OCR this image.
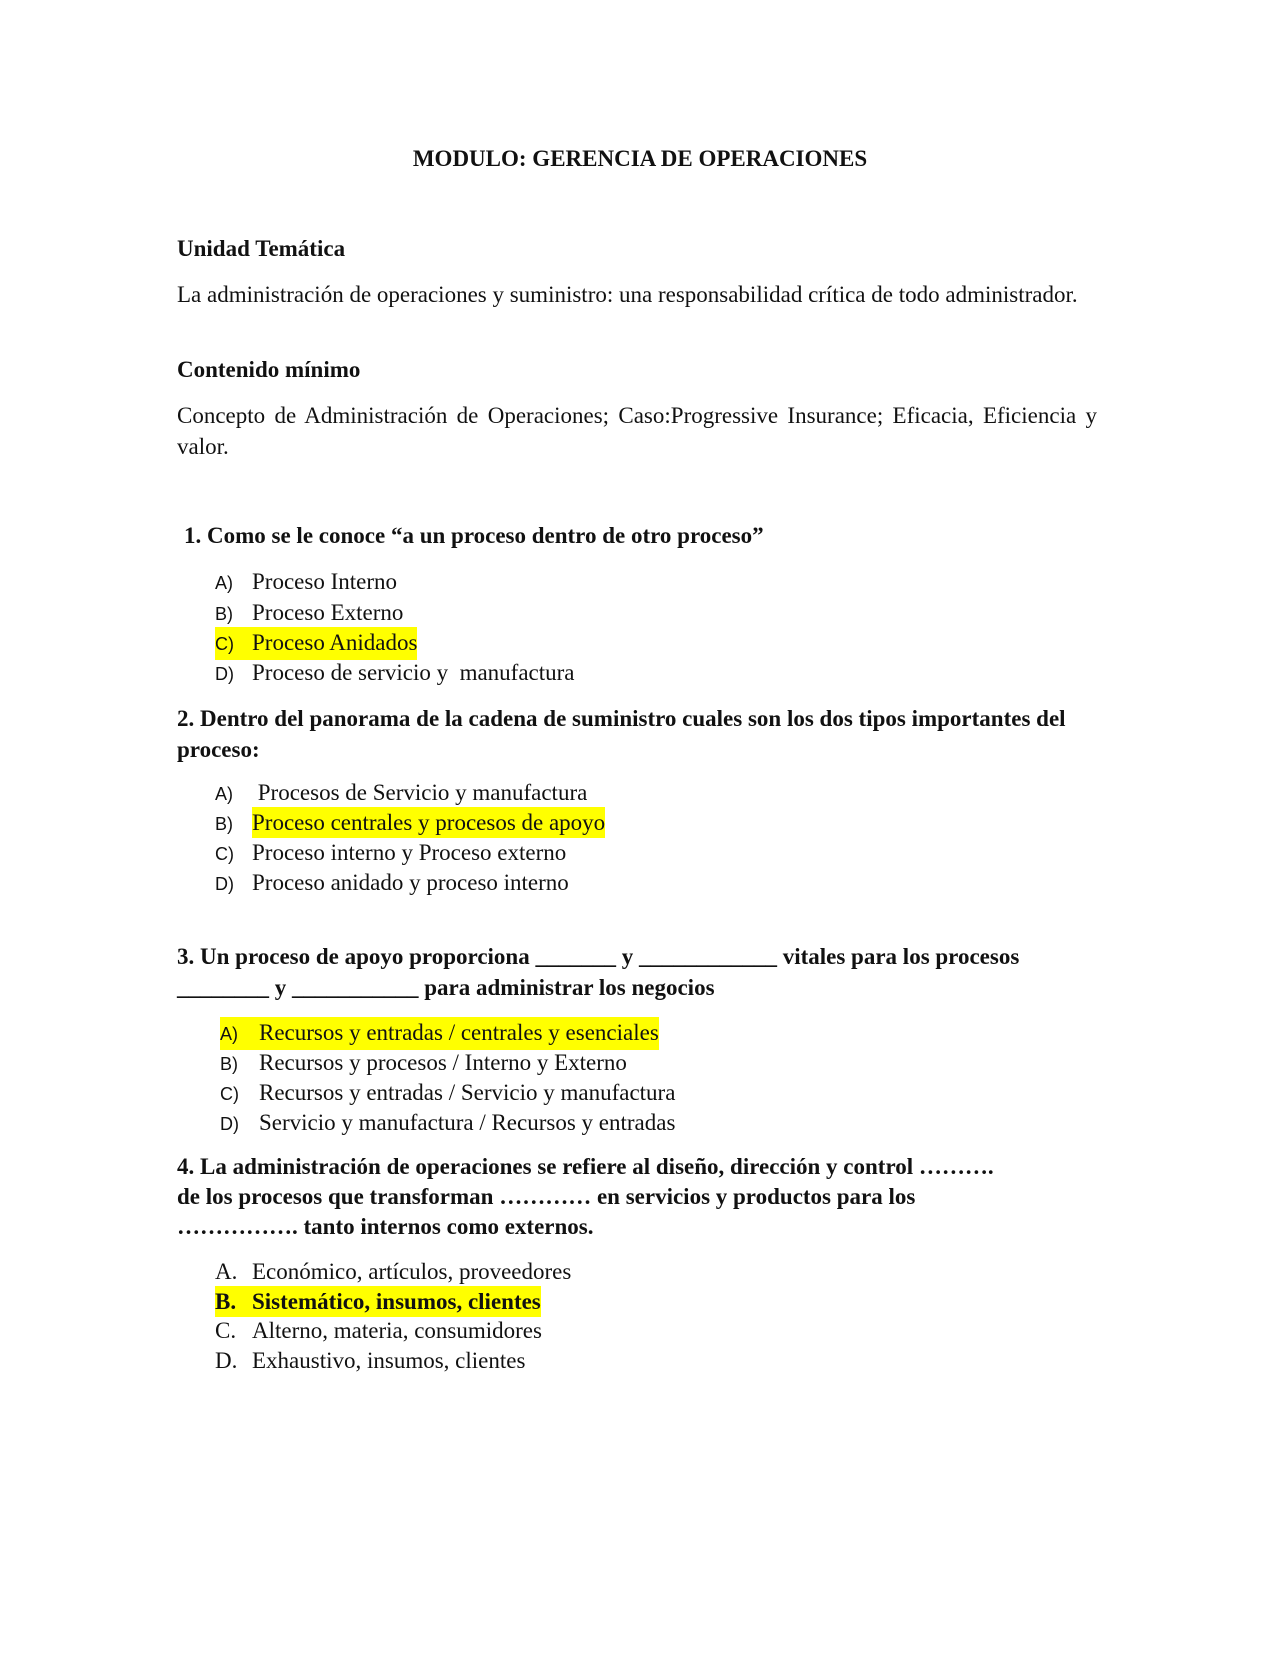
MODULO: GERENCIA DE OPERACIONES
Unidad Temática
La administración de operaciones y suministro: una responsabilidad crítica de todo administrador.
Contenido mínimo
Concepto de Administración de Operaciones; Caso:Progressive Insurance; Eficacia, Eficiencia y valor.
1. Como se le conoce “a un proceso dentro de otro proceso”
A) Proceso Interno
B) Proceso Externo
C) Proceso Anidados
D) Proceso de servicio y  manufactura
2. Dentro del panorama de la cadena de suministro cuales son los dos tipos importantes del proceso:
A) Procesos de Servicio y manufactura
B) Proceso centrales y procesos de apoyo
C) Proceso interno y Proceso externo
D) Proceso anidado y proceso interno
3. Un proceso de apoyo proporciona _______ y ____________ vitales para los procesos
________ y ___________ para administrar los negocios
A) Recursos y entradas / centrales y esenciales
B) Recursos y procesos / Interno y Externo
C) Recursos y entradas / Servicio y manufactura
D) Servicio y manufactura / Recursos y entradas
4. La administración de operaciones se refiere al diseño, dirección y control ……….
de los procesos que transforman ………… en servicios y productos para los
……………. tanto internos como externos.
A. Económico, artículos, proveedores
B. Sistemático, insumos, clientes
C. Alterno, materia, consumidores
D. Exhaustivo, insumos, clientes
